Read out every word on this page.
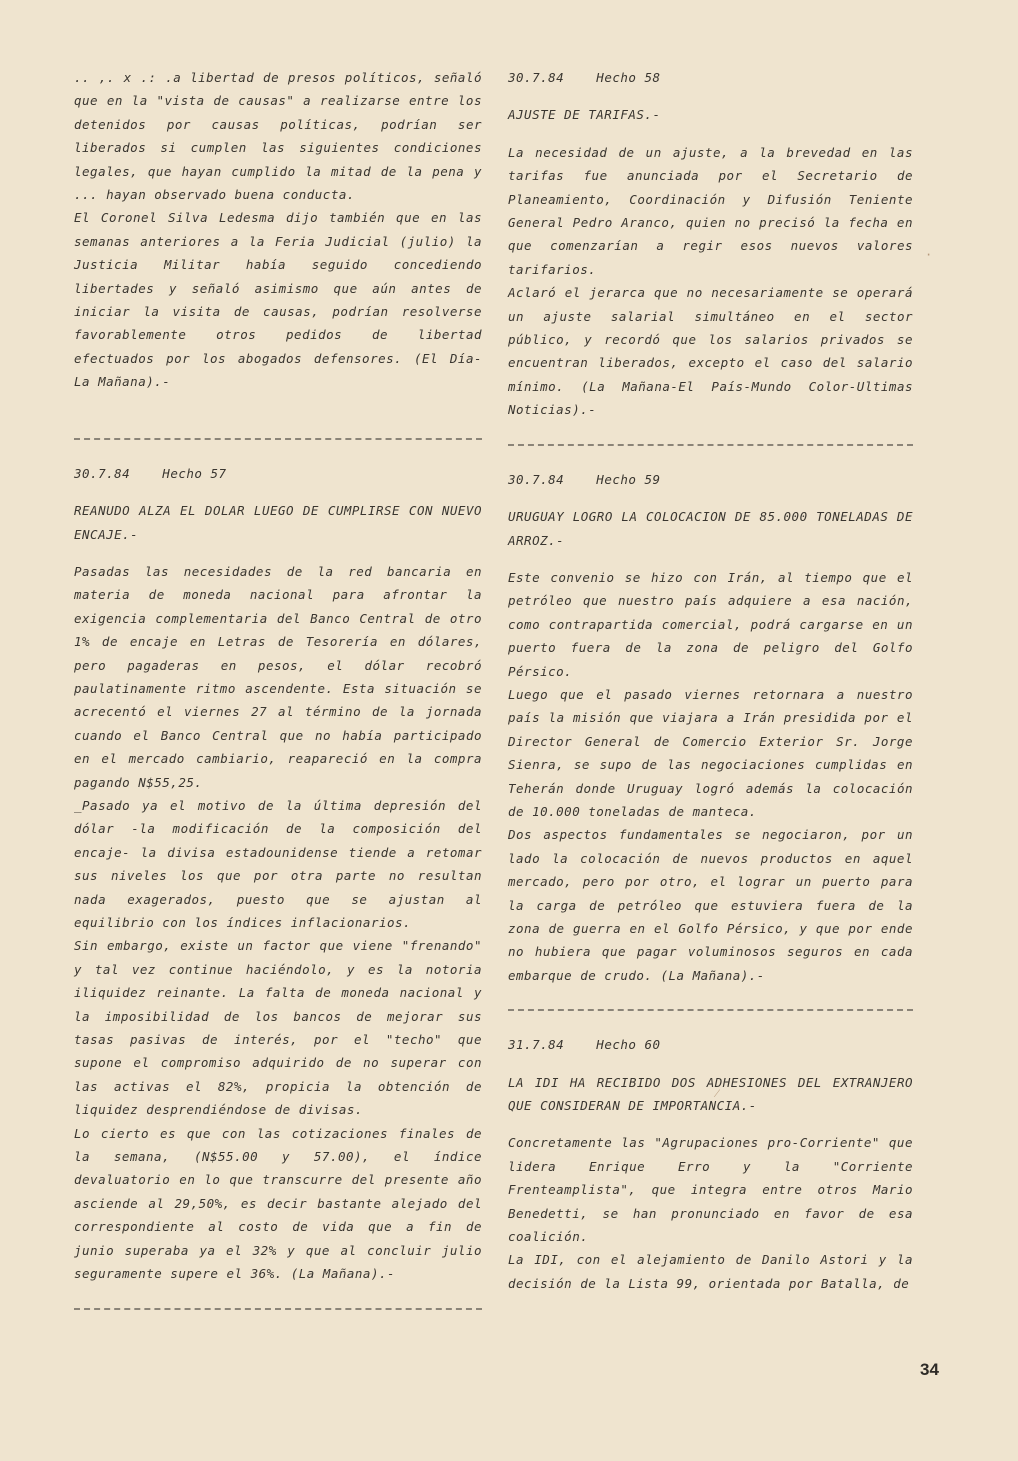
.. ,. x .: .a libertad de presos políticos, señaló que en la "vista de causas" a realizarse entre los detenidos por causas políticas, podrían ser liberados si cumplen las siguientes condiciones legales, que hayan cumplido la mitad de la pena y ... hayan observado buena conducta.

El Coronel Silva Ledesma dijo también que en las semanas anteriores a la Feria Judicial (julio) la Justicia Militar había seguido concediendo libertades y señaló asimismo que aún antes de iniciar la visita de causas, podrían resolverse favorablemente otros pedidos de libertad efectuados por los abogados defensores. (El Día- La Mañana).-

30.7.84	Hecho 57

REANUDO ALZA EL DOLAR LUEGO DE CUMPLIRSE CON NUEVO ENCAJE.-

Pasadas las necesidades de la red bancaria en materia de moneda nacional para afrontar la exigencia complementaria del Banco Central de otro 1% de encaje en Letras de Tesorería en dólares, pero pagaderas en pesos, el dólar recobró paulatinamente ritmo ascendente. Esta situación se acrecentó el viernes 27 al término de la jornada cuando el Banco Central que no había participado en el mercado cambiario, reapareció en la compra pagando N$55,25.

_Pasado ya el motivo de la última depresión del dólar -la modificación de la composición del encaje- la divisa estadounidense tiende a retomar sus niveles los que por otra parte no resultan nada exagerados, puesto que se ajustan al equilibrio con los índices inflacionarios.

Sin embargo, existe un factor que viene "frenando" y tal vez continue haciéndolo, y es la notoria iliquidez reinante. La falta de moneda nacional y la imposibilidad de los bancos de mejorar sus tasas pasivas de interés, por el "techo" que supone el compromiso adquirido de no superar con las activas el 82%, propicia la obtención de liquidez desprendiéndose de divisas.

Lo cierto es que con las cotizaciones finales de la semana, (N$55.00 y 57.00), el índice devaluatorio en lo que transcurre del presente año asciende al 29,50%, es decir bastante alejado del correspondiente al costo de vida que a fin de junio superaba ya el 32% y que al concluir julio seguramente supere el 36%. (La Mañana).-

30.7.84	Hecho 58

AJUSTE DE TARIFAS.-

La necesidad de un ajuste, a la brevedad en las tarifas fue anunciada por el Secretario de Planeamiento, Coordinación y Difusión Teniente General Pedro Aranco, quien no precisó la fecha en que comenzarían a regir esos nuevos valores tarifarios.

Aclaró el jerarca que no necesariamente se operará un ajuste salarial simultáneo en el sector público, y recordó que los salarios privados se encuentran liberados, excepto el caso del salario mínimo. (La Mañana-El País-Mundo Color-Ultimas Noticias).-

30.7.84	Hecho 59

URUGUAY LOGRO LA COLOCACION DE 85.000 TONELADAS DE ARROZ.-

Este convenio se hizo con Irán, al tiempo que el petróleo que nuestro país adquiere a esa nación, como contrapartida comercial, podrá cargarse en un puerto fuera de la zona de peligro del Golfo Pérsico.

Luego que el pasado viernes retornara a nuestro país la misión que viajara a Irán presidida por el Director General de Comercio Exterior Sr. Jorge Sienra, se supo de las negociaciones cumplidas en Teherán donde Uruguay logró además la colocación de 10.000 toneladas de manteca.

Dos aspectos fundamentales se negociaron, por un lado la colocación de nuevos productos en aquel mercado, pero por otro, el lograr un puerto para la carga de petróleo que estuviera fuera de la zona de guerra en el Golfo Pérsico, y que por ende no hubiera que pagar voluminosos seguros en cada embarque de crudo. (La Mañana).-

31.7.84	Hecho 60

LA IDI HA RECIBIDO DOS ADHESIONES DEL EXTRANJERO QUE CONSIDERAN DE IMPORTANCIA.-

Concretamente las "Agrupaciones pro-Corriente" que lidera Enrique Erro y la "Corriente Frenteamplista", que integra entre otros Mario Benedetti, se han pronunciado en favor de esa coalición.

La IDI, con el alejamiento de Danilo Astori y la decisión de la Lista 99, orientada por Batalla, de

⁄
·
34
